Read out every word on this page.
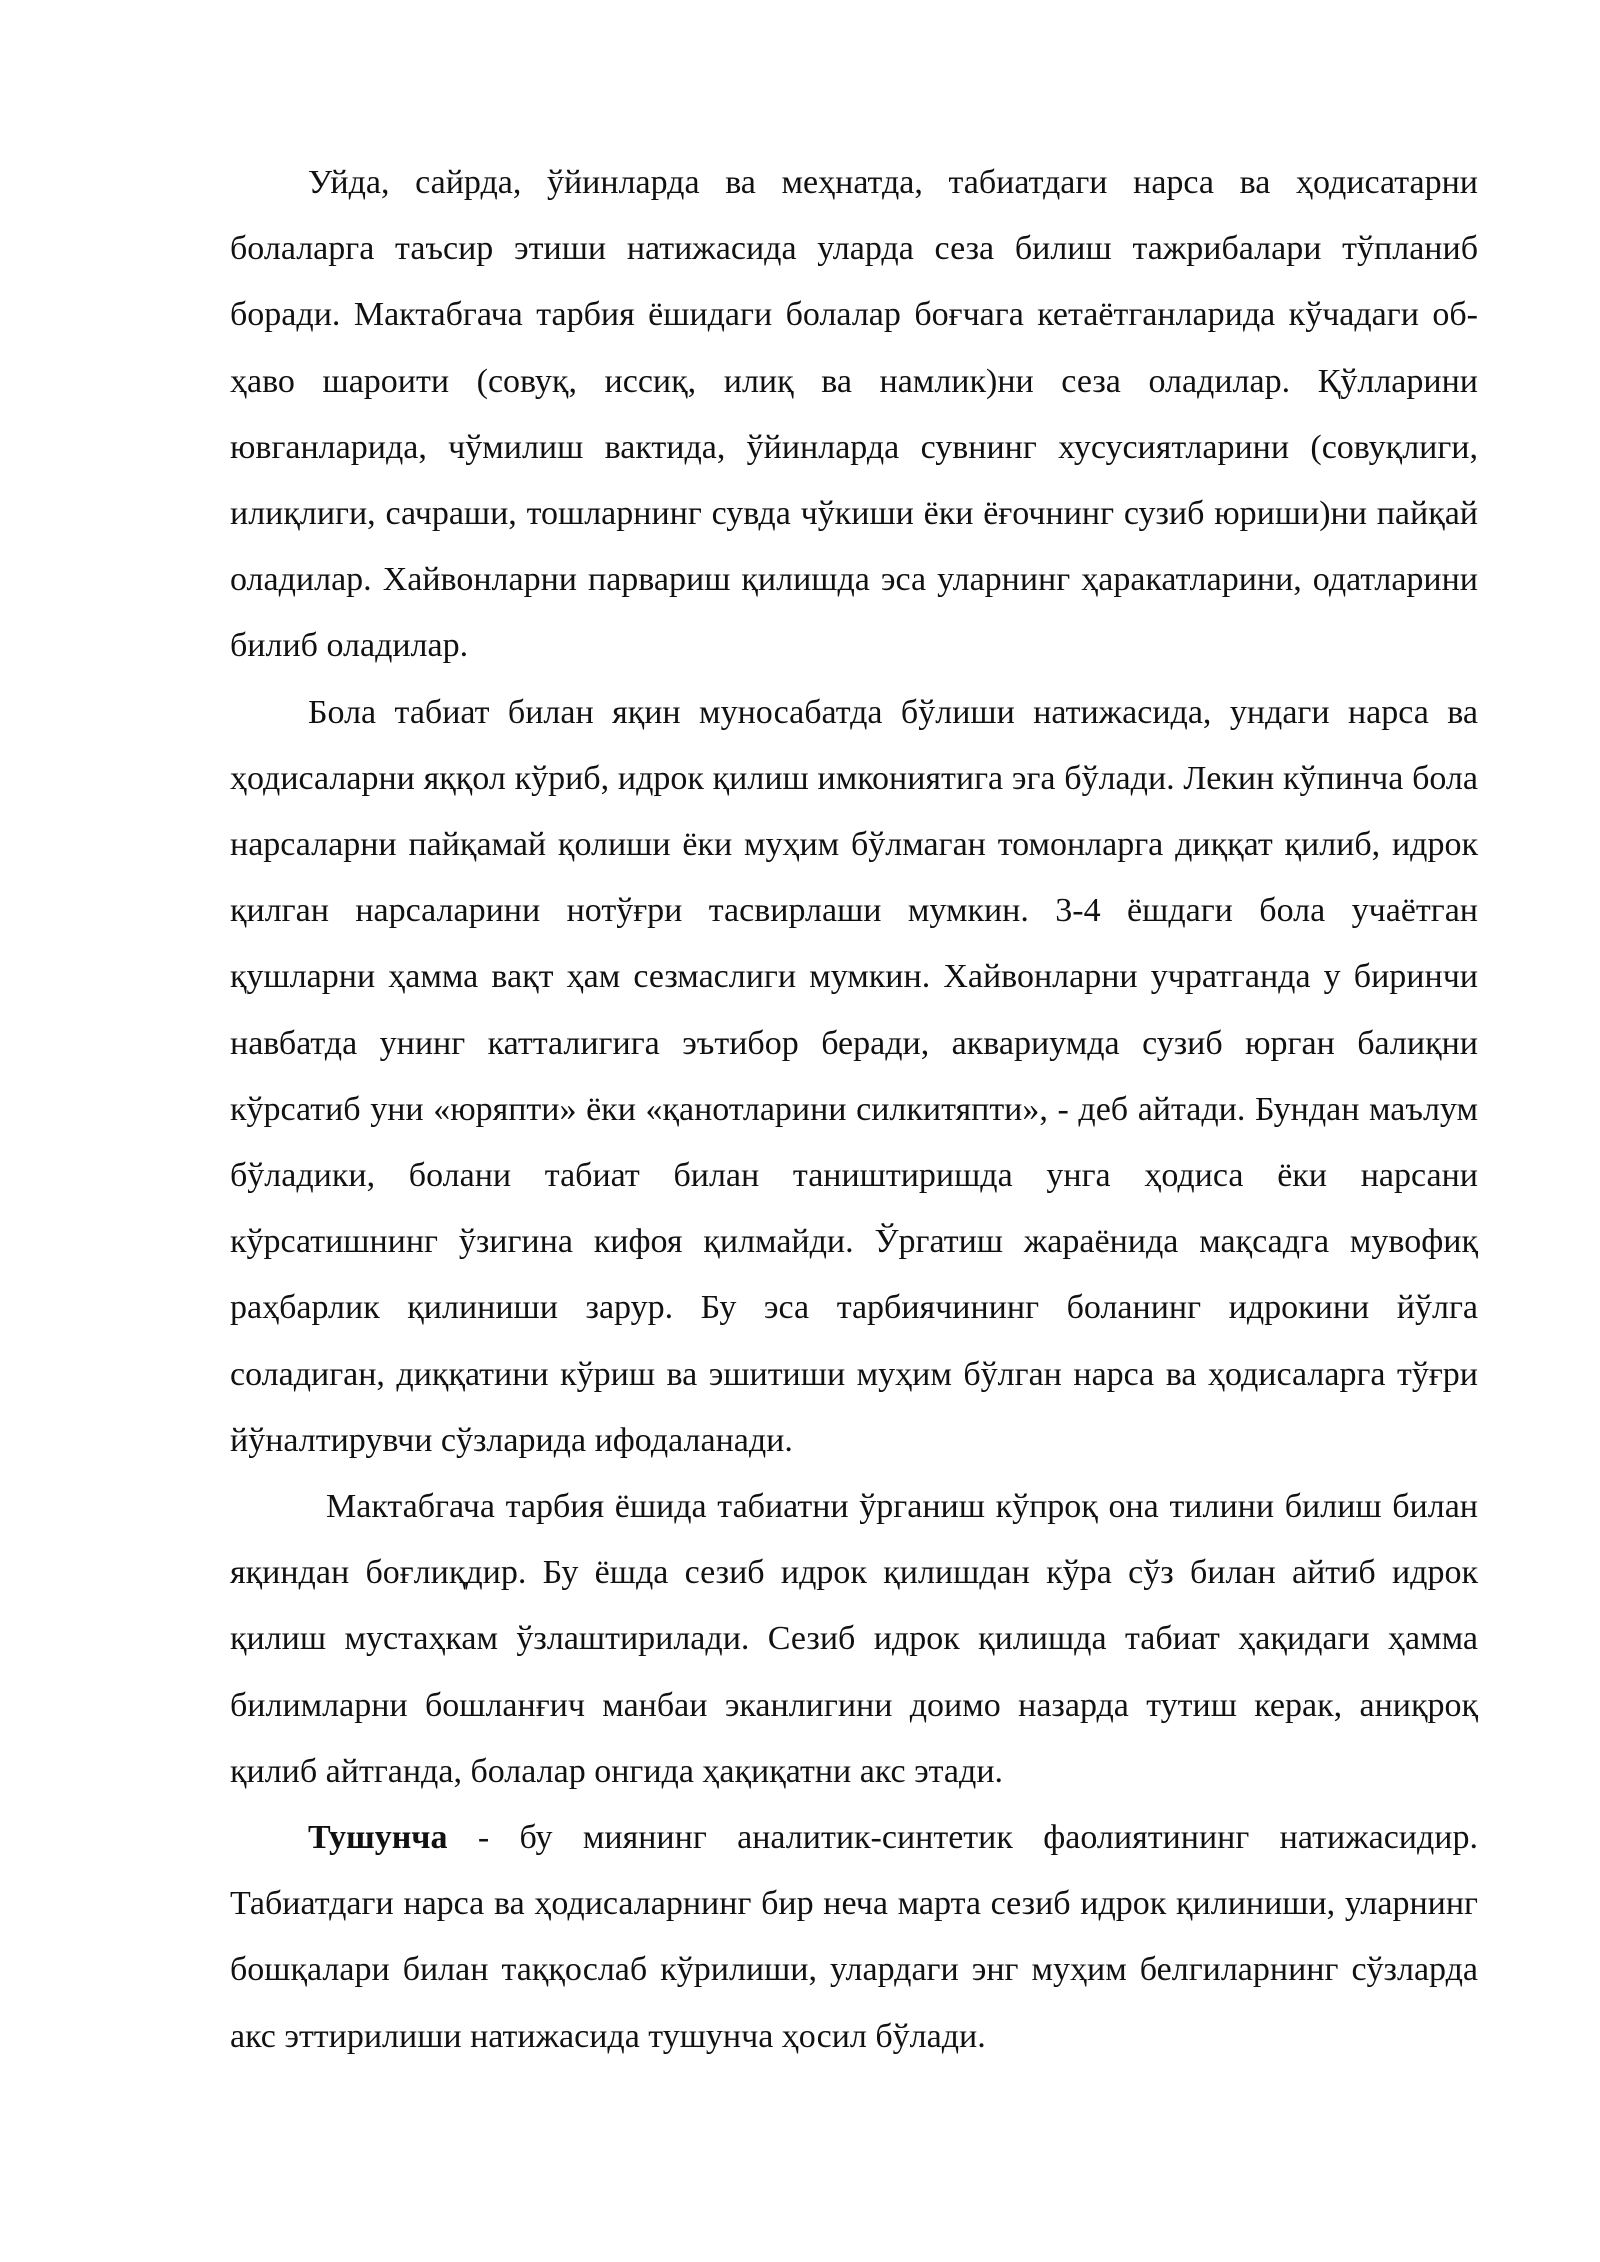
Уйда, сайрда, ўйинларда ва меҳнатда, табиатдаги нарса ва ҳодисатарни болаларга таъсир этиши натижасида уларда сеза билиш тажрибалари тўпланиб боради. Мактабгача тарбия ёшидаги болалар боғчага кетаётганларида кўчадаги об-ҳаво шароити (совуқ, иссиқ, илиқ ва намлик)ни сеза оладилар. Қўлларини ювганларида, чўмилиш вактида, ўйинларда сувнинг хусусиятларини (совуқлиги, илиқлиги, сачраши, тошларнинг сувда чўкиши ёки ёғочнинг сузиб юриши)ни пайқай оладилар. Хайвонларни парвариш қилишда эса уларнинг ҳаракатларини, одатларини билиб оладилар.

Бола табиат билан яқин муносабатда бўлиши натижасида, ундаги нарса ва ҳодисаларни яққол кўриб, идрок қилиш имкониятига эга бўлади. Лекин кўпинча бола нарсаларни пайқамай қолиши ёки муҳим бўлмаган томонларга диққат қилиб, идрок қилган нарсаларини нотўғри тасвирлаши мумкин. 3-4 ёшдаги бола учаётган қушларни ҳамма вақт ҳам сезмаслиги мумкин. Хайвонларни учратганда у биринчи навбатда унинг катталигига эътибор беради, аквариумда сузиб юрган балиқни кўрсатиб уни «юряпти» ёки «қанотларини силкитяпти», - деб айтади. Бундан маълум бўладики, болани табиат билан таништиришда унга ҳодиса ёки нарсани кўрсатишнинг ўзигина кифоя қилмайди. Ўргатиш жараёнида мақсадга мувофиқ раҳбарлик қилиниши зарур. Бу эса тарбиячининг боланинг идрокини йўлга соладиган, диққатини кўриш ва эшитиши муҳим бўлган нарса ва ҳодисаларга тўғри йўналтирувчи сўзларида ифодаланади.

Мактабгача тарбия ёшида табиатни ўрганиш кўпроқ она тилини билиш билан яқиндан боғлиқдир. Бу ёшда сезиб идрок қилишдан кўра сўз билан айтиб идрок қилиш мустаҳкам ўзлаштирилади. Сезиб идрок қилишда табиат ҳақидаги ҳамма билимларни бошланғич манбаи эканлигини доимо назарда тутиш керак, аниқроқ қилиб айтганда, болалар онгида ҳақиқатни акс этади.

Тушунча - бу миянинг аналитик-синтетик фаолиятининг натижасидир. Табиатдаги нарса ва ҳодисаларнинг бир неча марта сезиб идрок қилиниши, уларнинг бошқалари билан таққослаб кўрилиши, улардаги энг муҳим белгиларнинг сўзларда акс эттирилиши натижасида тушунча ҳосил бўлади.
